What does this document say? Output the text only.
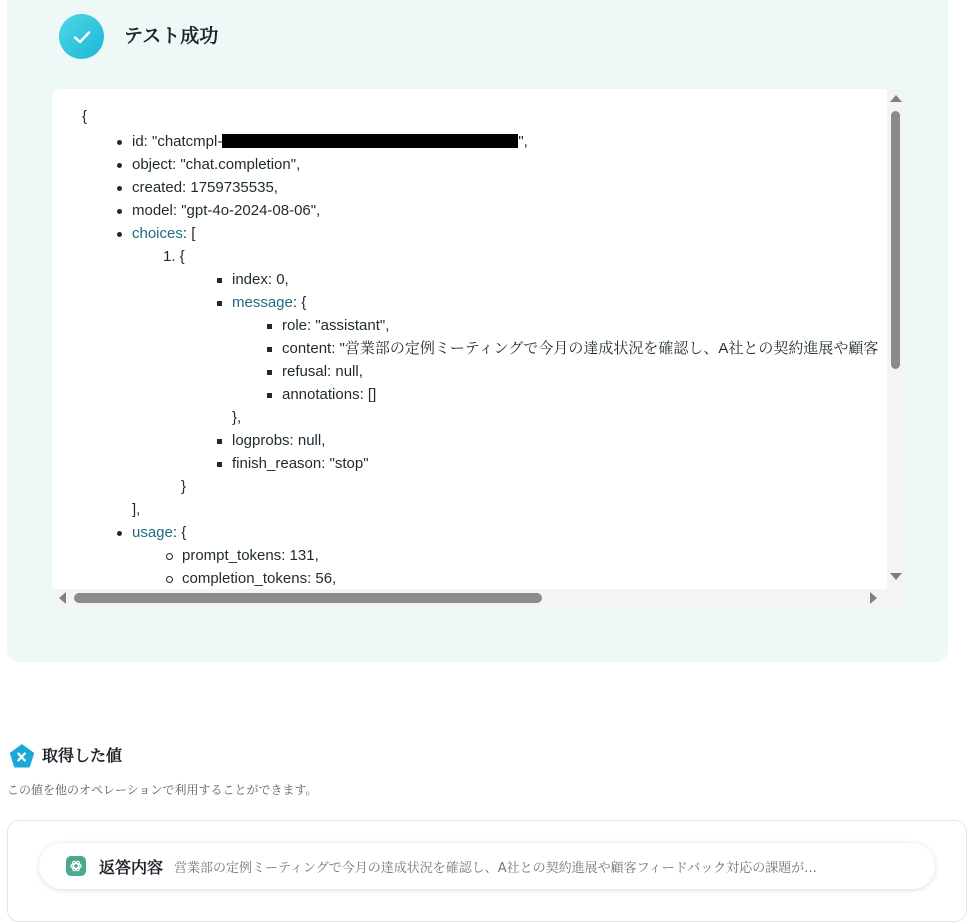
テスト成功
{
id: "chatcmpl-	",
object: "chat.completion",
created: 1759735535,
model: "gpt-4o-2024-08-06",
choices: [
1. {
index: 0,
message: {
role: "assistant",
content: "営業部の定例ミーティングで今月の達成状況を確認し、A社との契約進展や顧客
refusal: null,
annotations: []
},
logprobs: null,
finish_reason: "stop"
}
],
usage: {
prompt_tokens: 131,
completion_tokens: 56,
取得した値
この値を他のオペレーションで利用することができます。
返答内容 営業部の定例ミーティングで今月の達成状況を確認し、A社との契約進展や顧客フィードバック対応の課題が...
